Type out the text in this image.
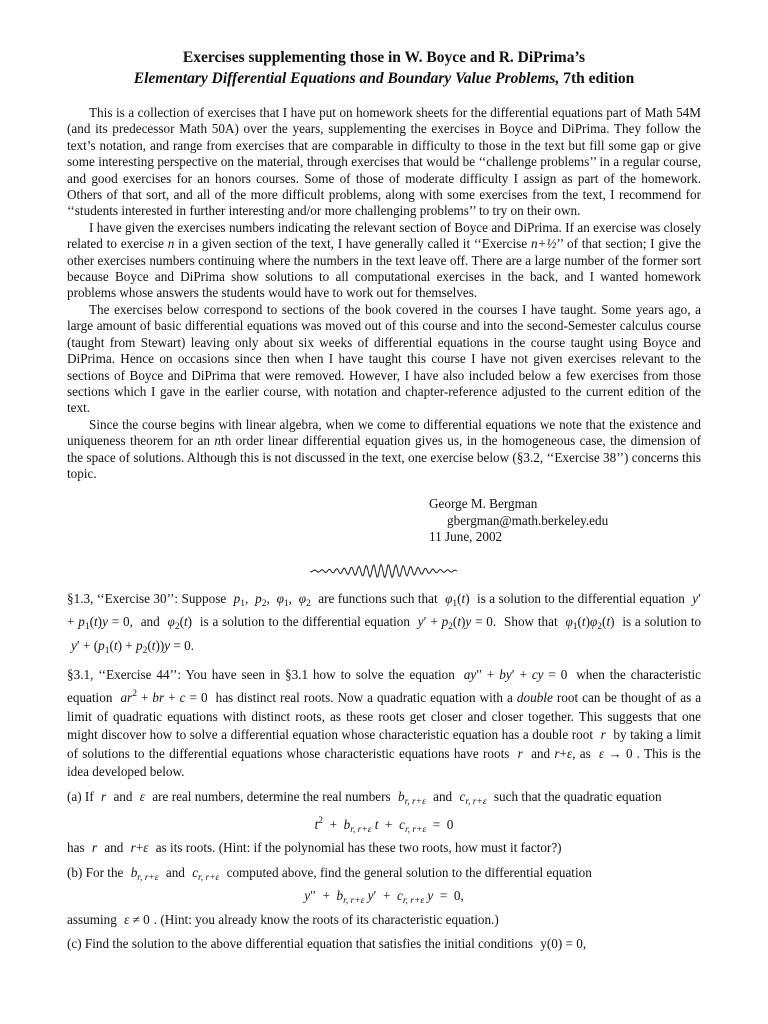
Exercises supplementing those in W. Boyce and R. DiPrima’s
Elementary Differential Equations and Boundary Value Problems, 7th edition

This is a collection of exercises that I have put on homework sheets for the differential equations part of Math 54M (and its predecessor Math 50A) over the years, supplementing the exercises in Boyce and DiPrima. They follow the text’s notation, and range from exercises that are comparable in difficulty to those in the text but fill some gap or give some interesting perspective on the material, through exercises that would be ‘‘challenge problems’’ in a regular course, and good exercises for an honors courses. Some of those of moderate difficulty I assign as part of the homework. Others of that sort, and all of the more difficult problems, along with some exercises from the text, I recommend for ‘‘students interested in further interesting and/or more challenging problems’’ to try on their own.

I have given the exercises numbers indicating the relevant section of Boyce and DiPrima. If an exercise was closely related to exercise n in a given section of the text, I have generally called it ‘‘Exercise n+½’’ of that section; I give the other exercises numbers continuing where the numbers in the text leave off. There are a large number of the former sort because Boyce and DiPrima show solutions to all computational exercises in the back, and I wanted homework problems whose answers the students would have to work out for themselves.

The exercises below correspond to sections of the book covered in the courses I have taught. Some years ago, a large amount of basic differential equations was moved out of this course and into the second-Semester calculus course (taught from Stewart) leaving only about six weeks of differential equations in the course taught using Boyce and DiPrima. Hence on occasions since then when I have taught this course I have not given exercises relevant to the sections of Boyce and DiPrima that were removed. However, I have also included below a few exercises from those sections which I gave in the earlier course, with notation and chapter-reference adjusted to the current edition of the text.

Since the course begins with linear algebra, when we come to differential equations we note that the existence and uniqueness theorem for an nth order linear differential equation gives us, in the homogeneous case, the dimension of the space of solutions. Although this is not discussed in the text, one exercise below (§3.2, ‘‘Exercise 38’’) concerns this topic.

George M. Bergman
gbergman@math.berkeley.edu
11 June, 2002

§1.3, ‘‘Exercise 30’’: Suppose $p_1$,  $p_2$,  $\varphi_1$,  $\varphi_2$ are functions such that $\varphi_1(t)$ is a solution to the differential equation $y' + p_1(t)y = 0$, and $\varphi_2(t)$ is a solution to the differential equation $y' + p_2(t)y = 0$. Show that $\varphi_1(t)\varphi_2(t)$ is a solution to $y' + (p_1(t) + p_2(t))y = 0$.

§3.1, ‘‘Exercise 44’’: You have seen in §3.1 how to solve the equation ay′′ + by′ + cy = 0 when the characteristic equation $ar^2$ + br + c = 0 has distinct real roots. Now a quadratic equation with a double root can be thought of as a limit of quadratic equations with distinct roots, as these roots get closer and closer together. This suggests that one might discover how to solve a differential equation whose characteristic equation has a double root r by taking a limit of solutions to the differential equations whose characteristic equations have roots r and r+ε, as ε → 0 . This is the idea developed below.

(a) If r and ε are real numbers, determine the real numbers $b_{r, r+\varepsilon}$ and $c_{r, r+\varepsilon}$ such that the quadratic equation

$t^2 + b_{r, r+\varepsilon}$ $t + c_{r, r+\varepsilon} = 0$

has r and r+ε as its roots. (Hint: if the polynomial has these two roots, how must it factor?)

(b) For the $b_{r, r+\varepsilon}$ and $c_{r, r+\varepsilon}$ computed above, find the general solution to the differential equation

$y'' + b_{r, r+\varepsilon}$ $y' + c_{r, r+\varepsilon}$ y  =  0,

assuming ε ≠ 0 . (Hint: you already know the roots of its characteristic equation.)

(c) Find the solution to the above differential equation that satisfies the initial conditions y(0) = 0,
